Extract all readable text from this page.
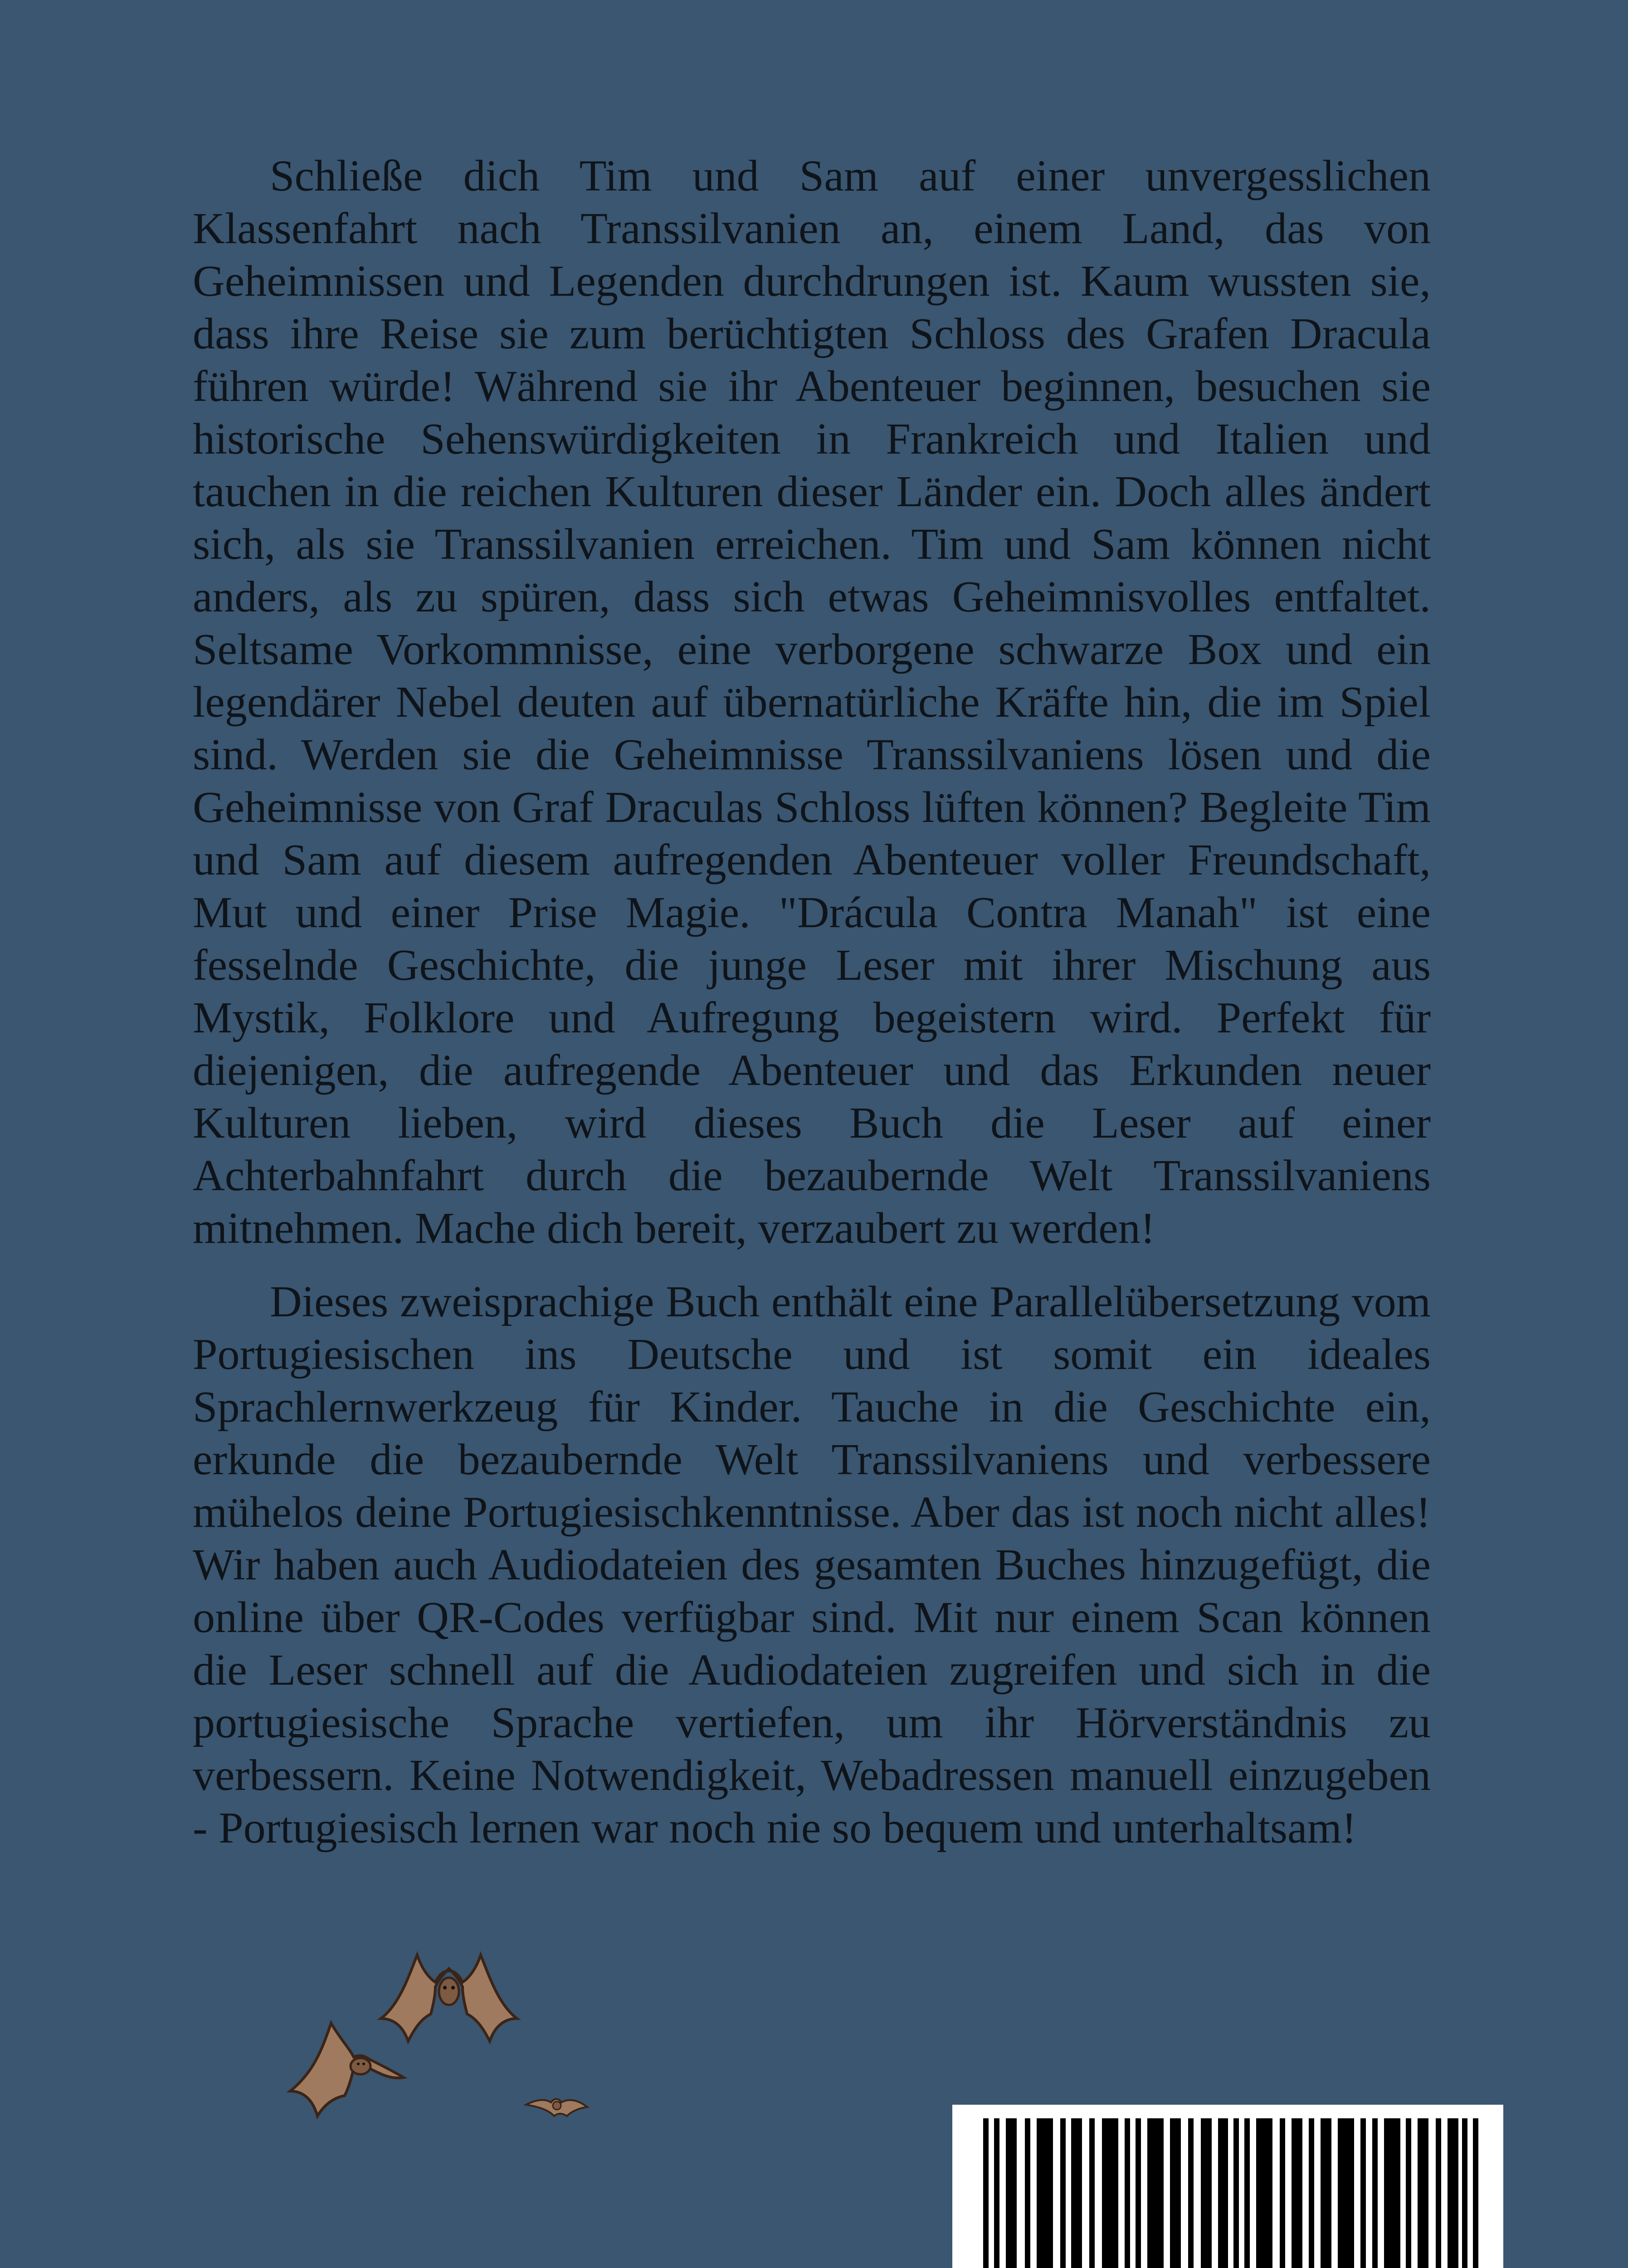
Schließe dich Tim und Sam auf einer unvergesslichen Klassenfahrt nach Transsilvanien an, einem Land, das von Geheimnissen und Legenden durchdrungen ist. Kaum wussten sie, dass ihre Reise sie zum berüchtigten Schloss des Grafen Dracula führen würde! Während sie ihr Abenteuer beginnen, besuchen sie historische Sehenswürdigkeiten in Frankreich und Italien und tauchen in die reichen Kulturen dieser Länder ein. Doch alles ändert sich, als sie Transsilvanien erreichen. Tim und Sam können nicht anders, als zu spüren, dass sich etwas Geheimnisvolles entfaltet. Seltsame Vorkommnisse, eine verborgene schwarze Box und ein legendärer Nebel deuten auf übernatürliche Kräfte hin, die im Spiel sind. Werden sie die Geheimnisse Transsilvaniens lösen und die Geheimnisse von Graf Draculas Schloss lüften können? Begleite Tim und Sam auf diesem aufregenden Abenteuer voller Freundschaft, Mut und einer Prise Magie. "Drácula Contra Manah" ist eine fesselnde Geschichte, die junge Leser mit ihrer Mischung aus Mystik, Folklore und Aufregung begeistern wird. Perfekt für diejenigen, die aufregende Abenteuer und das Erkunden neuer Kulturen lieben, wird dieses Buch die Leser auf einer Achterbahnfahrt durch die bezaubernde Welt Transsilvaniens mitnehmen. Mache dich bereit, verzaubert zu werden!

Dieses zweisprachige Buch enthält eine Parallelübersetzung vom Portugiesischen ins Deutsche und ist somit ein ideales Sprachlernwerkzeug für Kinder. Tauche in die Geschichte ein, erkunde die bezaubernde Welt Transsilvaniens und verbessere mühelos deine Portugiesischkenntnisse. Aber das ist noch nicht alles! Wir haben auch Audiodateien des gesamten Buches hinzugefügt, die online über QR-Codes verfügbar sind. Mit nur einem Scan können die Leser schnell auf die Audiodateien zugreifen und sich in die portugiesische Sprache vertiefen, um ihr Hörverständnis zu verbessern. Keine Notwendigkeit, Webadressen manuell einzugeben - Portugiesisch lernen war noch nie so bequem und unterhaltsam!
